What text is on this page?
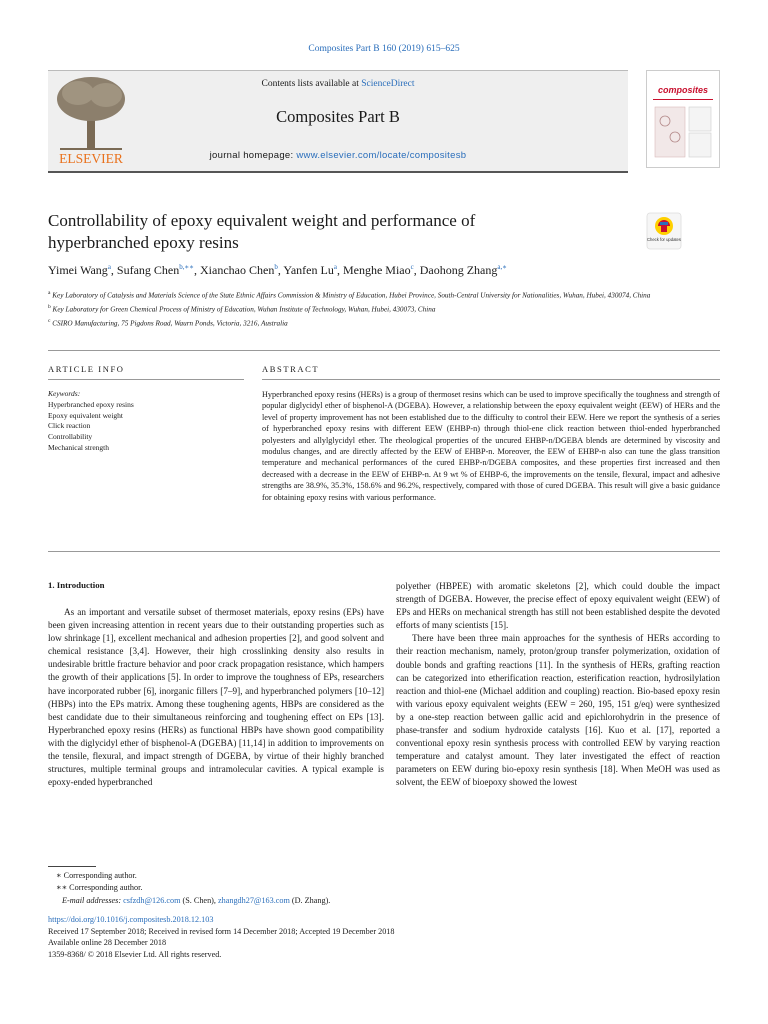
Composites Part B 160 (2019) 615–625
ELSEVIER
Contents lists available at ScienceDirect
Composites Part B
journal homepage: www.elsevier.com/locate/compositesb
composites
Controllability of epoxy equivalent weight and performance of
hyperbranched epoxy resins	Check for updates
Yimei Wang$^a$, Sufang Chen$^{b,∗∗}$, Xianchao Chen$^b$, Yanfen Lu$^a$, Menghe Miao$^c$, Daohong Zhang$^{a,∗}$
$^a$ Key Laboratory of Catalysis and Materials Science of the State Ethnic Affairs Commission & Ministry of Education, Hubei Province, South-Central University for Nationalities, Wuhan, Hubei, 430074, China
$^b$ Key Laboratory for Green Chemical Process of Ministry of Education, Wuhan Institute of Technology, Wuhan, Hubei, 430073, China
$^c$ CSIRO Manufacturing, 75 Pigdons Road, Waurn Ponds, Victoria, 3216, Australia
ARTICLE INFO	ABSTRACT
Keywords:
Hyperbranched epoxy resins
Epoxy equivalent weight
Click reaction
Controllability
Mechanical strength
Hyperbranched epoxy resins (HERs) is a group of thermoset resins which can be used to improve specifically the toughness and strength of popular diglycidyl ether of bisphenol-A (DGEBA). However, a relationship between the epoxy equivalent weight (EEW) of HERs and the level of property improvement has not been established due to the difficulty to control their EEW. Here we report the synthesis of a series of hyperbranched epoxy resins with different EEW (EHBP-n) through thiol-ene click reaction between thiol-ended hyperbranched polyesters and allylglycidyl ether. The rheological properties of the uncured EHBP-n/DGEBA blends are determined by viscosity and modulus changes, and are directly affected by the EEW of EHBP-n. Moreover, the EEW of EHBP-n also can tune the glass transition temperature and mechanical performances of the cured EHBP-n/DGEBA composites, and these properties first increased and then decreased with a decrease in the EEW of EHBP-n. At 9 wt % of EHBP-6, the improvements on the tensile, flexural, impact and adhesive strengths are 38.9%, 35.3%, 158.6% and 96.2%, respectively, compared with those of cured DGEBA. This result will give a basic guidance for obtaining epoxy resins with various performance.
1. Introduction

As an important and versatile subset of thermoset materials, epoxy resins (EPs) have been given increasing attention in recent years due to their outstanding properties such as low shrinkage [1], excellent mechanical and adhesion properties [2], and good solvent and chemical resistance [3,4]. However, their high crosslinking density also results in undesirable brittle fracture behavior and poor crack propagation resistance, which hampers the growth of their applications [5]. In order to improve the toughness of EPs, researchers have incorporated rubber [6], inorganic fillers [7–9], and hyperbranched polymers [10–12] (HBPs) into the EPs matrix. Among these toughening agents, HBPs are considered as the best candidate due to their simultaneous reinforcing and toughening effect on EPs [13]. Hyperbranched epoxy resins (HERs) as functional HBPs have shown good compatibility with the diglycidyl ether of bisphenol-A (DGEBA) [11,14] in addition to improvements on the tensile, flexural, and impact strength of DGEBA, by virtue of their highly branched structures, multiple terminal groups and intramolecular cavities. A typical example is epoxy-ended hyperbranched

polyether (HBPEE) with aromatic skeletons [2], which could double the impact strength of DGEBA. However, the precise effect of epoxy equivalent weight (EEW) of EPs and HERs on mechanical strength has still not been established despite the devoted efforts of many scientists [15].

There have been three main approaches for the synthesis of HERs according to their reaction mechanism, namely, proton/group transfer polymerization, oxidation of double bonds and grafting reactions [11]. In the synthesis of HERs, grafting reaction can be categorized into etherification reaction, esterification reaction, hydrosilylation reaction and thiol-ene (Michael addition and coupling) reaction. Bio-based epoxy resin with various epoxy equivalent weights (EEW = 260, 195, 151 g/eq) were synthesized by a one-step reaction between gallic acid and epichlorohydrin in the presence of phase-transfer and sodium hydroxide catalysts [16]. Kuo et al. [17], reported a conventional epoxy resin synthesis process with controlled EEW by varying reaction temperature and catalyst amount. They later investigated the effect of reaction parameters on EEW during bio-epoxy resin synthesis [18]. When MeOH was used as solvent, the EEW of bioepoxy showed the lowest

∗ Corresponding author.
∗∗ Corresponding author.
E-mail addresses: csfzdh@126.com (S. Chen), zhangdh27@163.com (D. Zhang).
https://doi.org/10.1016/j.compositesb.2018.12.103
Received 17 September 2018; Received in revised form 14 December 2018; Accepted 19 December 2018
Available online 28 December 2018
1359-8368/ © 2018 Elsevier Ltd. All rights reserved.
